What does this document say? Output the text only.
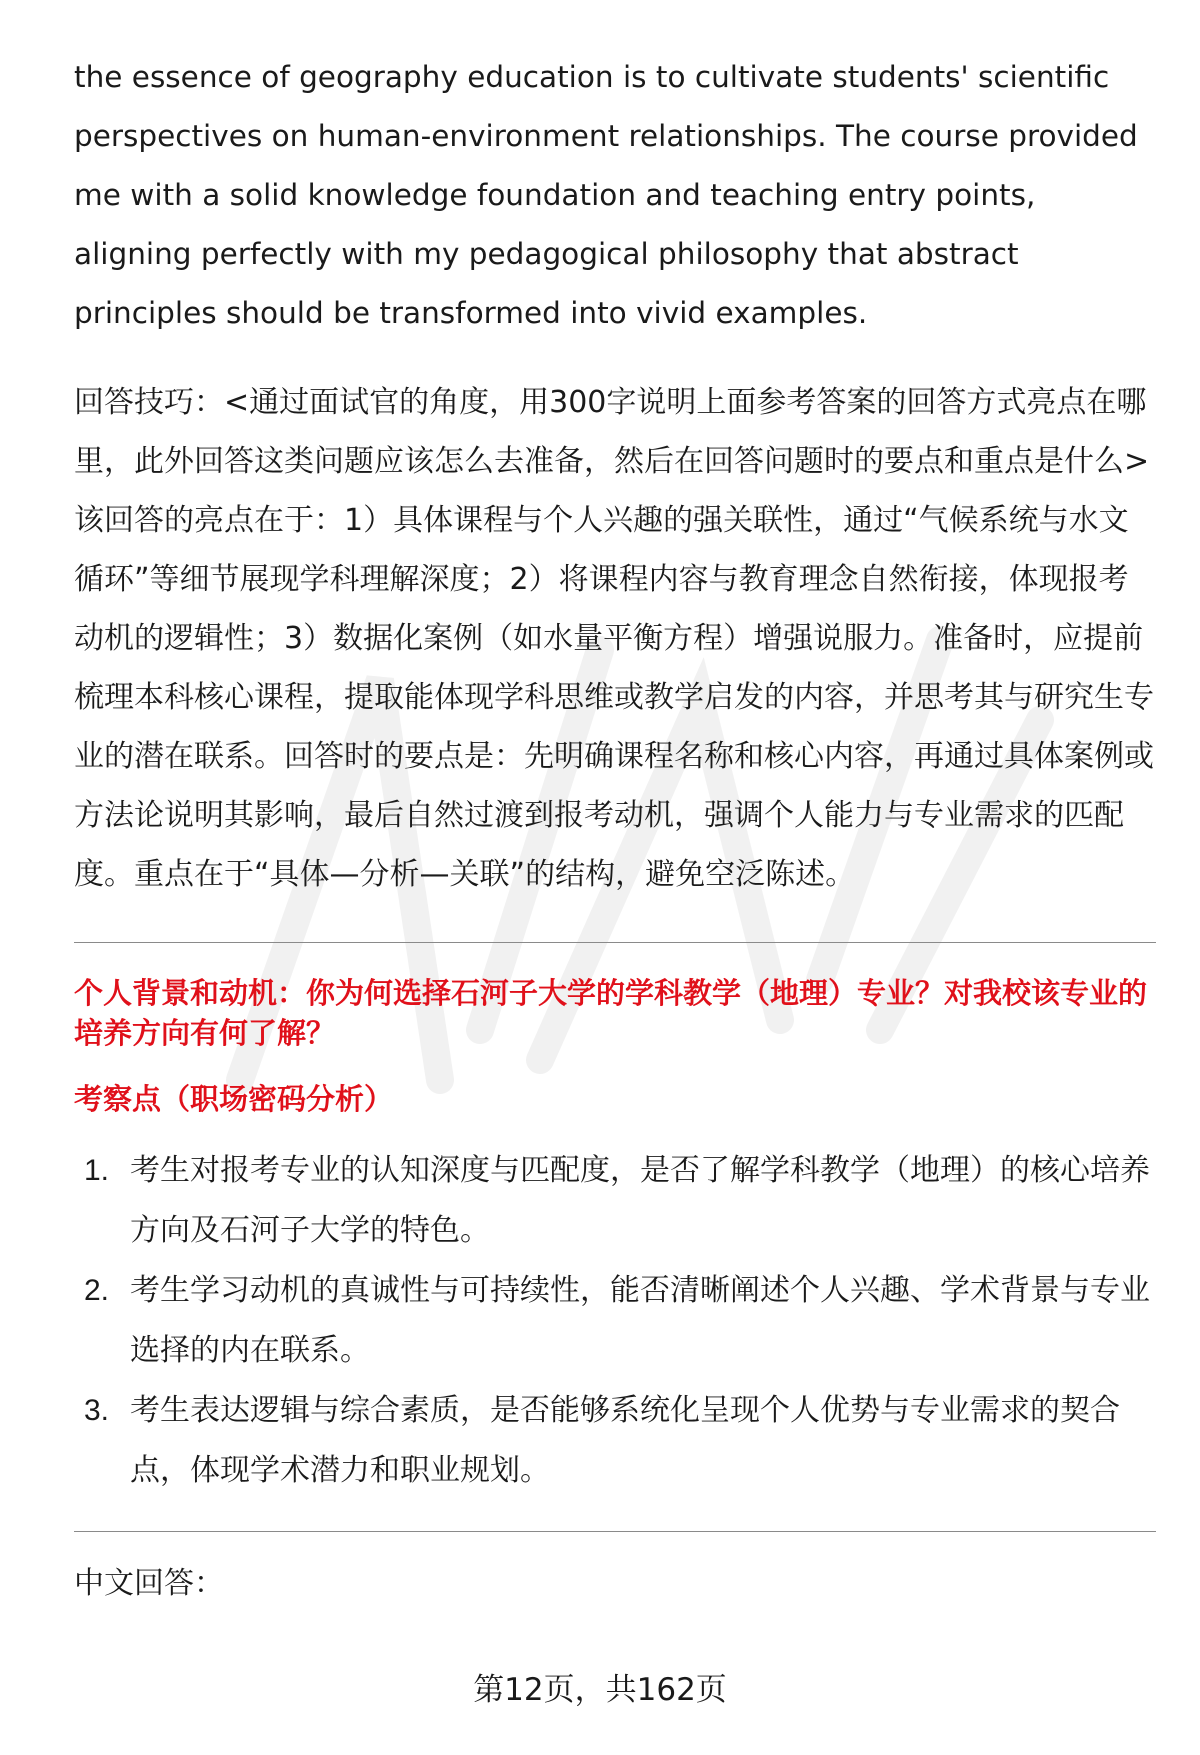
the essence of geography education is to cultivate students' scientific perspectives on human-environment relationships. The course provided me with a solid knowledge foundation and teaching entry points, aligning perfectly with my pedagogical philosophy that abstract principles should be transformed into vivid examples.

回答技巧：<通过面试官的角度，用300字说明上面参考答案的回答方式亮点在哪里，此外回答这类问题应该怎么去准备，然后在回答问题时的要点和重点是什么>

该回答的亮点在于：1）具体课程与个人兴趣的强关联性，通过“气候系统与水文循环”等细节展现学科理解深度；2）将课程内容与教育理念自然衔接，体现报考动机的逻辑性；3）数据化案例（如水量平衡方程）增强说服力。准备时，应提前梳理本科核心课程，提取能体现学科思维或教学启发的内容，并思考其与研究生专业的潜在联系。回答时的要点是：先明确课程名称和核心内容，再通过具体案例或方法论说明其影响，最后自然过渡到报考动机，强调个人能力与专业需求的匹配度。重点在于“具体—分析—关联”的结构，避免空泛陈述。

个人背景和动机：你为何选择石河子大学的学科教学（地理）专业？对我校该专业的培养方向有何了解？

考察点（职场密码分析）

1. 考生对报考专业的认知深度与匹配度，是否了解学科教学（地理）的核心培养方向及石河子大学的特色。
2. 考生学习动机的真诚性与可持续性，能否清晰阐述个人兴趣、学术背景与专业选择的内在联系。
3. 考生表达逻辑与综合素质，是否能够系统化呈现个人优势与专业需求的契合点，体现学术潜力和职业规划。

中文回答：

第12页，共162页
